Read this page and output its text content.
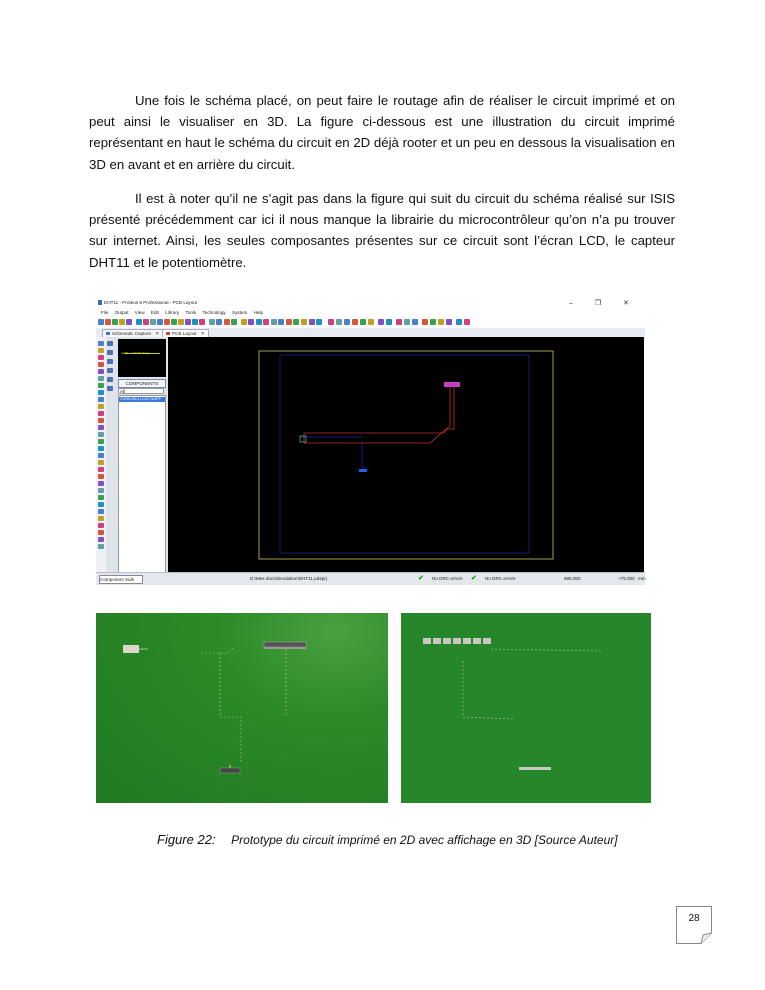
Une fois le schéma placé, on peut faire le routage afin de réaliser le circuit imprimé et on peut ainsi le visualiser en 3D. La figure ci-dessous est une illustration du circuit imprimé représentant en haut le schéma du circuit en 2D déjà rooter et un peu en dessous la visualisation en 3D en avant et en arrière du circuit.

Il est à noter qu’il ne s’agit pas dans la figure qui suit du circuit du schéma réalisé sur ISIS présenté précédemment car ici il nous manque la librairie du microcontrôleur qu’on n’a pu trouver sur internet. Ainsi, les seules composantes présentes sur ce circuit sont l’écran LCD, le capteur DHT11 et le potentiomètre.

DHT11 - Proteus 8 Professional - PCB Layout	– ❐ ✕
File Output View Edit Library Tools Technology System Help
Schematic Capture ✕	PCB Layout ✕
LCD1 - LCD Package
COMPONENTS
All
CONN-SIL4 LCD1 NUIFF
Component Side	D:\Mes docs\simulation\DHT11.pdsprj	✔ No DRC errors ✔ No DRC errors	885.000	+75.000 mm
Figure 22: Prototype du circuit imprimé en 2D avec affichage en 3D [Source Auteur]
28
